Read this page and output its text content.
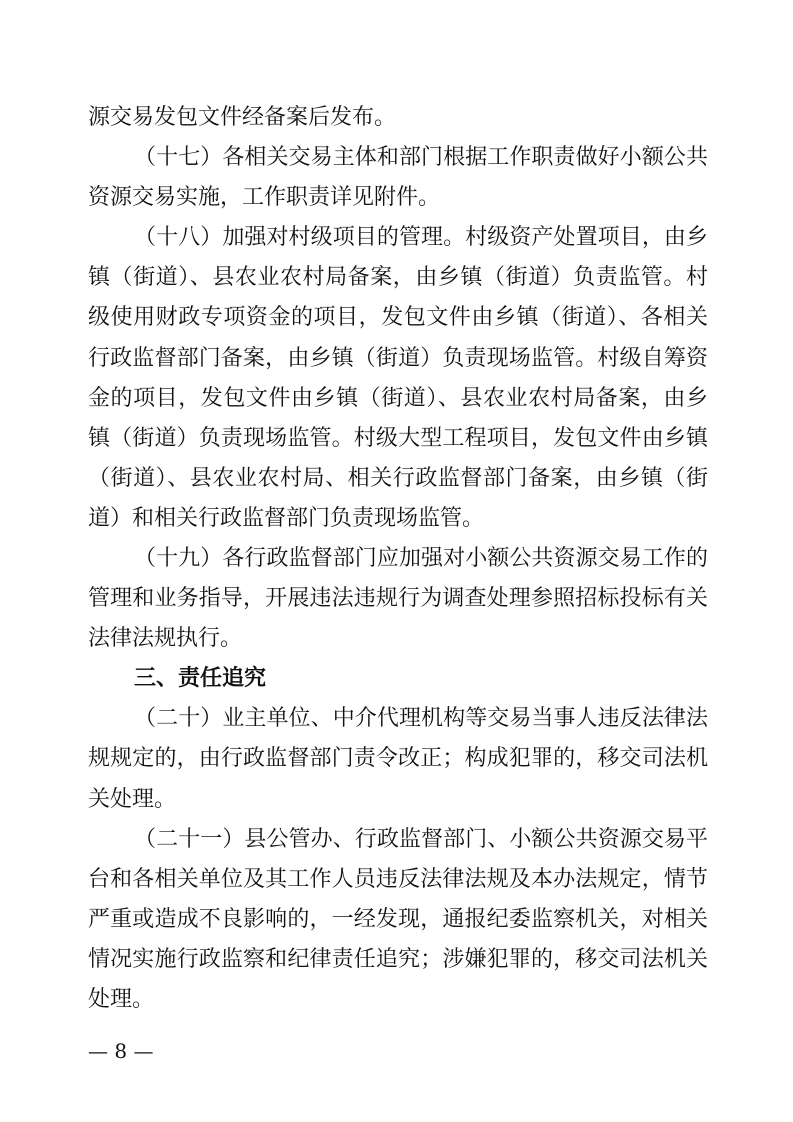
源交易发包文件经备案后发布。
（十七）各相关交易主体和部门根据工作职责做好小额公共
资源交易实施，工作职责详见附件。
（十八）加强对村级项目的管理。村级资产处置项目，由乡
镇（街道）、县农业农村局备案，由乡镇（街道）负责监管。村
级使用财政专项资金的项目，发包文件由乡镇（街道）、各相关
行政监督部门备案，由乡镇（街道）负责现场监管。村级自筹资
金的项目，发包文件由乡镇（街道）、县农业农村局备案，由乡
镇（街道）负责现场监管。村级大型工程项目，发包文件由乡镇
（街道）、县农业农村局、相关行政监督部门备案，由乡镇（街
道）和相关行政监督部门负责现场监管。
（十九）各行政监督部门应加强对小额公共资源交易工作的
管理和业务指导，开展违法违规行为调查处理参照招标投标有关
法律法规执行。
三、责任追究
（二十）业主单位、中介代理机构等交易当事人违反法律法
规规定的，由行政监督部门责令改正；构成犯罪的，移交司法机
关处理。
（二十一）县公管办、行政监督部门、小额公共资源交易平
台和各相关单位及其工作人员违反法律法规及本办法规定，情节
严重或造成不良影响的，一经发现，通报纪委监察机关，对相关
情况实施行政监察和纪律责任追究；涉嫌犯罪的，移交司法机关
处理。
— 8 —
